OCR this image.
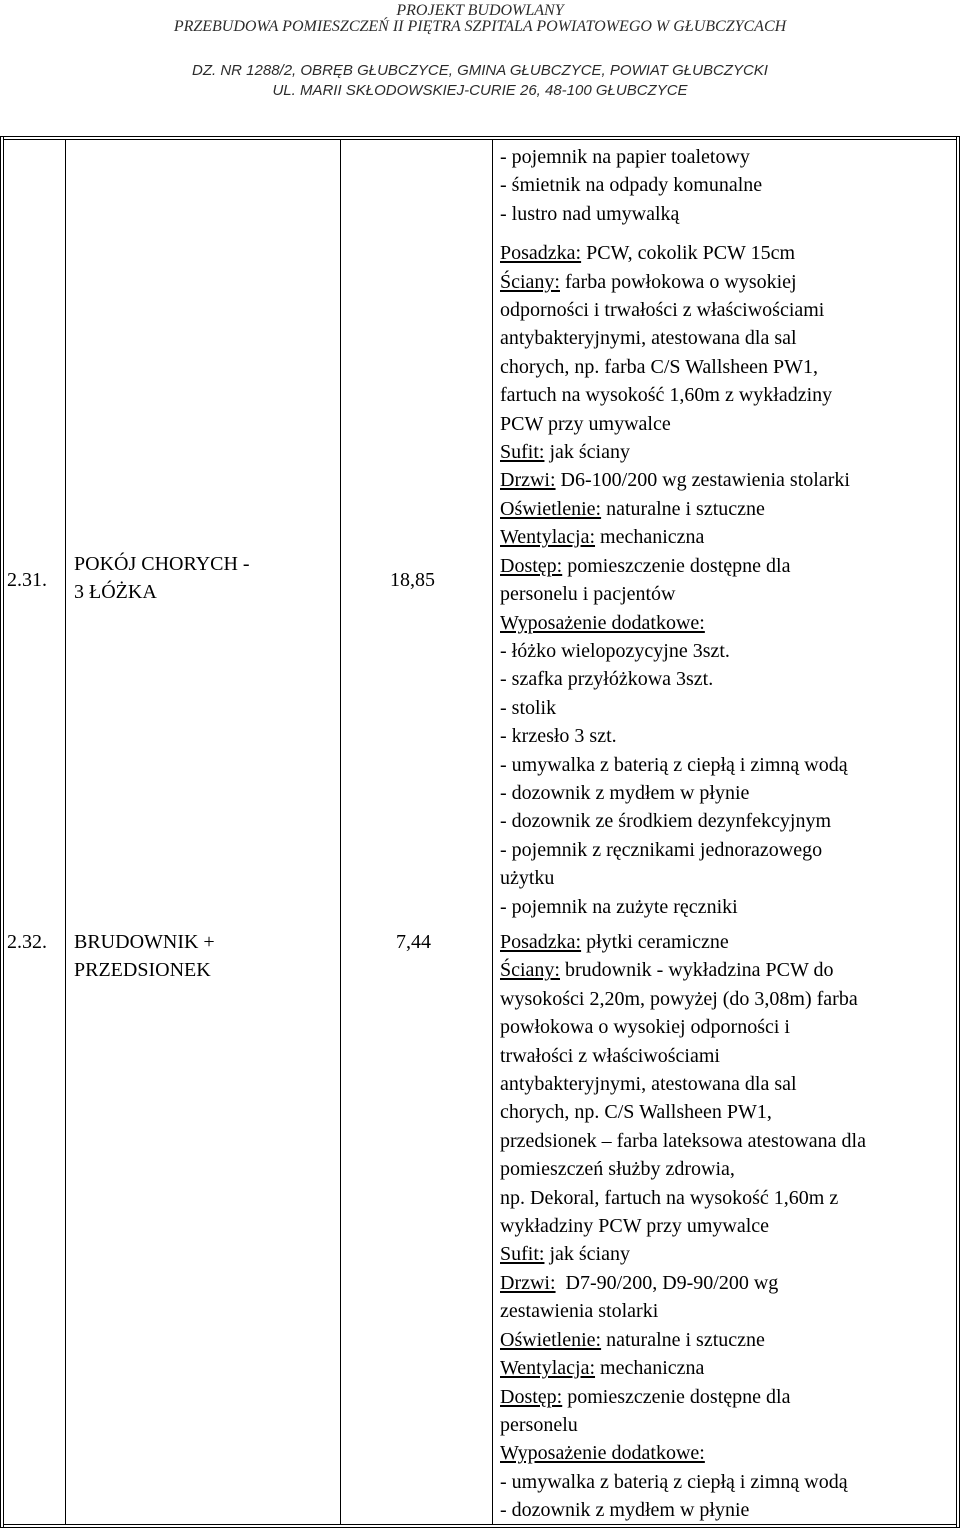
PROJEKT BUDOWLANY
PRZEBUDOWA POMIESZCZEŃ II PIĘTRA SZPITALA POWIATOWEGO W GŁUBCZYCACH
DZ. NR 1288/2, OBRĘB GŁUBCZYCE, GMINA GŁUBCZYCE, POWIAT GŁUBCZYCKI
UL. MARII SKŁODOWSKIEJ-CURIE 26, 48-100 GŁUBCZYCE
2.31.
POKÓJ CHORYCH -
3 ŁÓŻKA
18,85
- pojemnik na papier toaletowy
- śmietnik na odpady komunalne
- lustro nad umywalką
Posadzka: PCW, cokolik PCW 15cm
Ściany: farba powłokowa o wysokiej
odporności i trwałości z właściwościami
antybakteryjnymi, atestowana dla sal
chorych, np. farba C/S Wallsheen PW1,
fartuch na wysokość 1,60m z wykładziny
PCW przy umywalce
Sufit: jak ściany
Drzwi: D6-100/200 wg zestawienia stolarki
Oświetlenie: naturalne i sztuczne
Wentylacja: mechaniczna
Dostęp: pomieszczenie dostępne dla
personelu i pacjentów
Wyposażenie dodatkowe:
- łóżko wielopozycyjne 3szt.
- szafka przyłóżkowa 3szt.
- stolik
- krzesło 3 szt.
- umywalka z baterią z ciepłą i zimną wodą
- dozownik z mydłem w płynie
- dozownik ze środkiem dezynfekcyjnym
- pojemnik z ręcznikami jednorazowego
użytku
- pojemnik na zużyte ręczniki
2.32. BRUDOWNIK +
PRZEDSIONEK
7,44	Posadzka: płytki ceramiczne
Ściany: brudownik - wykładzina PCW do
wysokości 2,20m, powyżej (do 3,08m) farba
powłokowa o wysokiej odporności i
trwałości z właściwościami
antybakteryjnymi, atestowana dla sal
chorych, np. C/S Wallsheen PW1,
przedsionek – farba lateksowa atestowana dla
pomieszczeń służby zdrowia,
np. Dekoral, fartuch na wysokość 1,60m z
wykładziny PCW przy umywalce
Sufit: jak ściany
Drzwi:  D7-90/200, D9-90/200 wg
zestawienia stolarki
Oświetlenie: naturalne i sztuczne
Wentylacja: mechaniczna
Dostęp: pomieszczenie dostępne dla
personelu
Wyposażenie dodatkowe:
- umywalka z baterią z ciepłą i zimną wodą
- dozownik z mydłem w płynie
